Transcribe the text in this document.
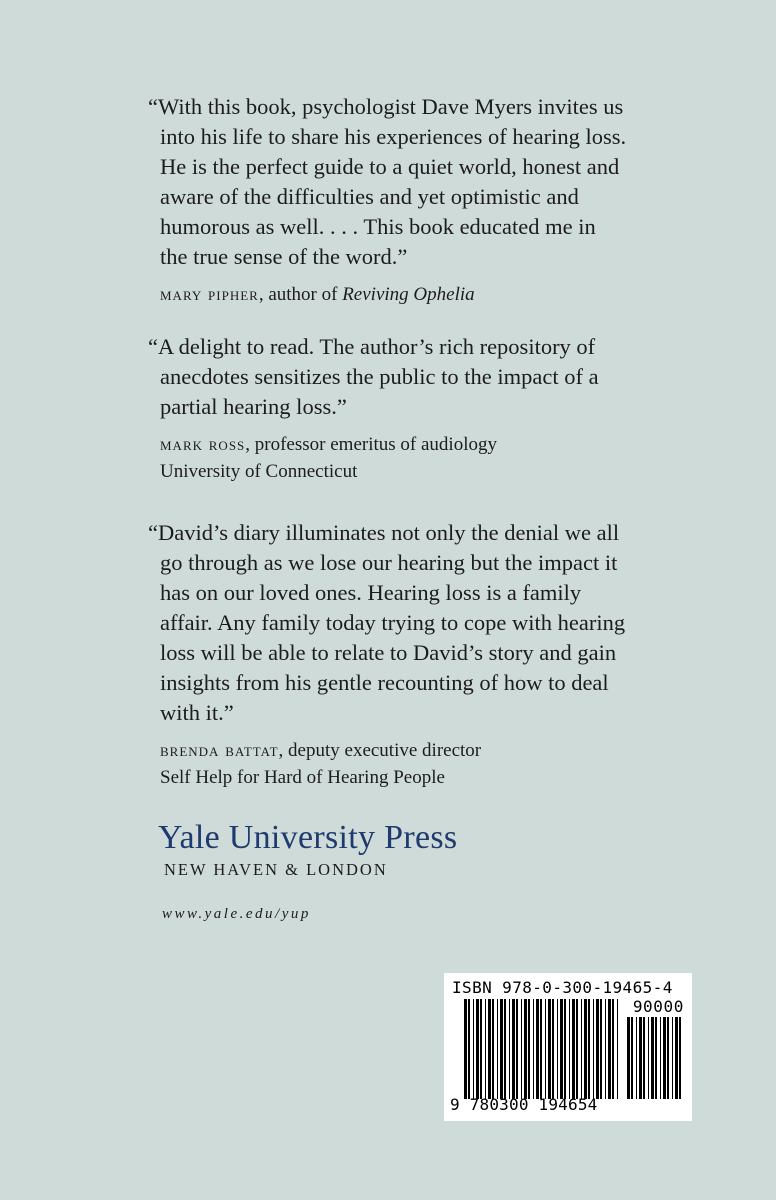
“With this book, psychologist Dave Myers invites us into his life to share his experiences of hearing loss. He is the perfect guide to a quiet world, honest and aware of the difficulties and yet optimistic and humorous as well. . . . This book educated me in the true sense of the word.”

mary pipher, author of Reviving Ophelia

“A delight to read. The author’s rich repository of anecdotes sensitizes the public to the impact of a partial hearing loss.”

mark ross, professor emeritus of audiology
University of Connecticut

“David’s diary illuminates not only the denial we all go through as we lose our hearing but the impact it has on our loved ones. Hearing loss is a family affair. Any family today trying to cope with hearing loss will be able to relate to David’s story and gain insights from his gentle recounting of how to deal with it.”

brenda battat, deputy executive director
Self Help for Hard of Hearing People
Yale University Press
NEW HAVEN & LONDON
www.yale.edu/yup
ISBN 978-0-300-19465-4
90000
9 780300 194654
